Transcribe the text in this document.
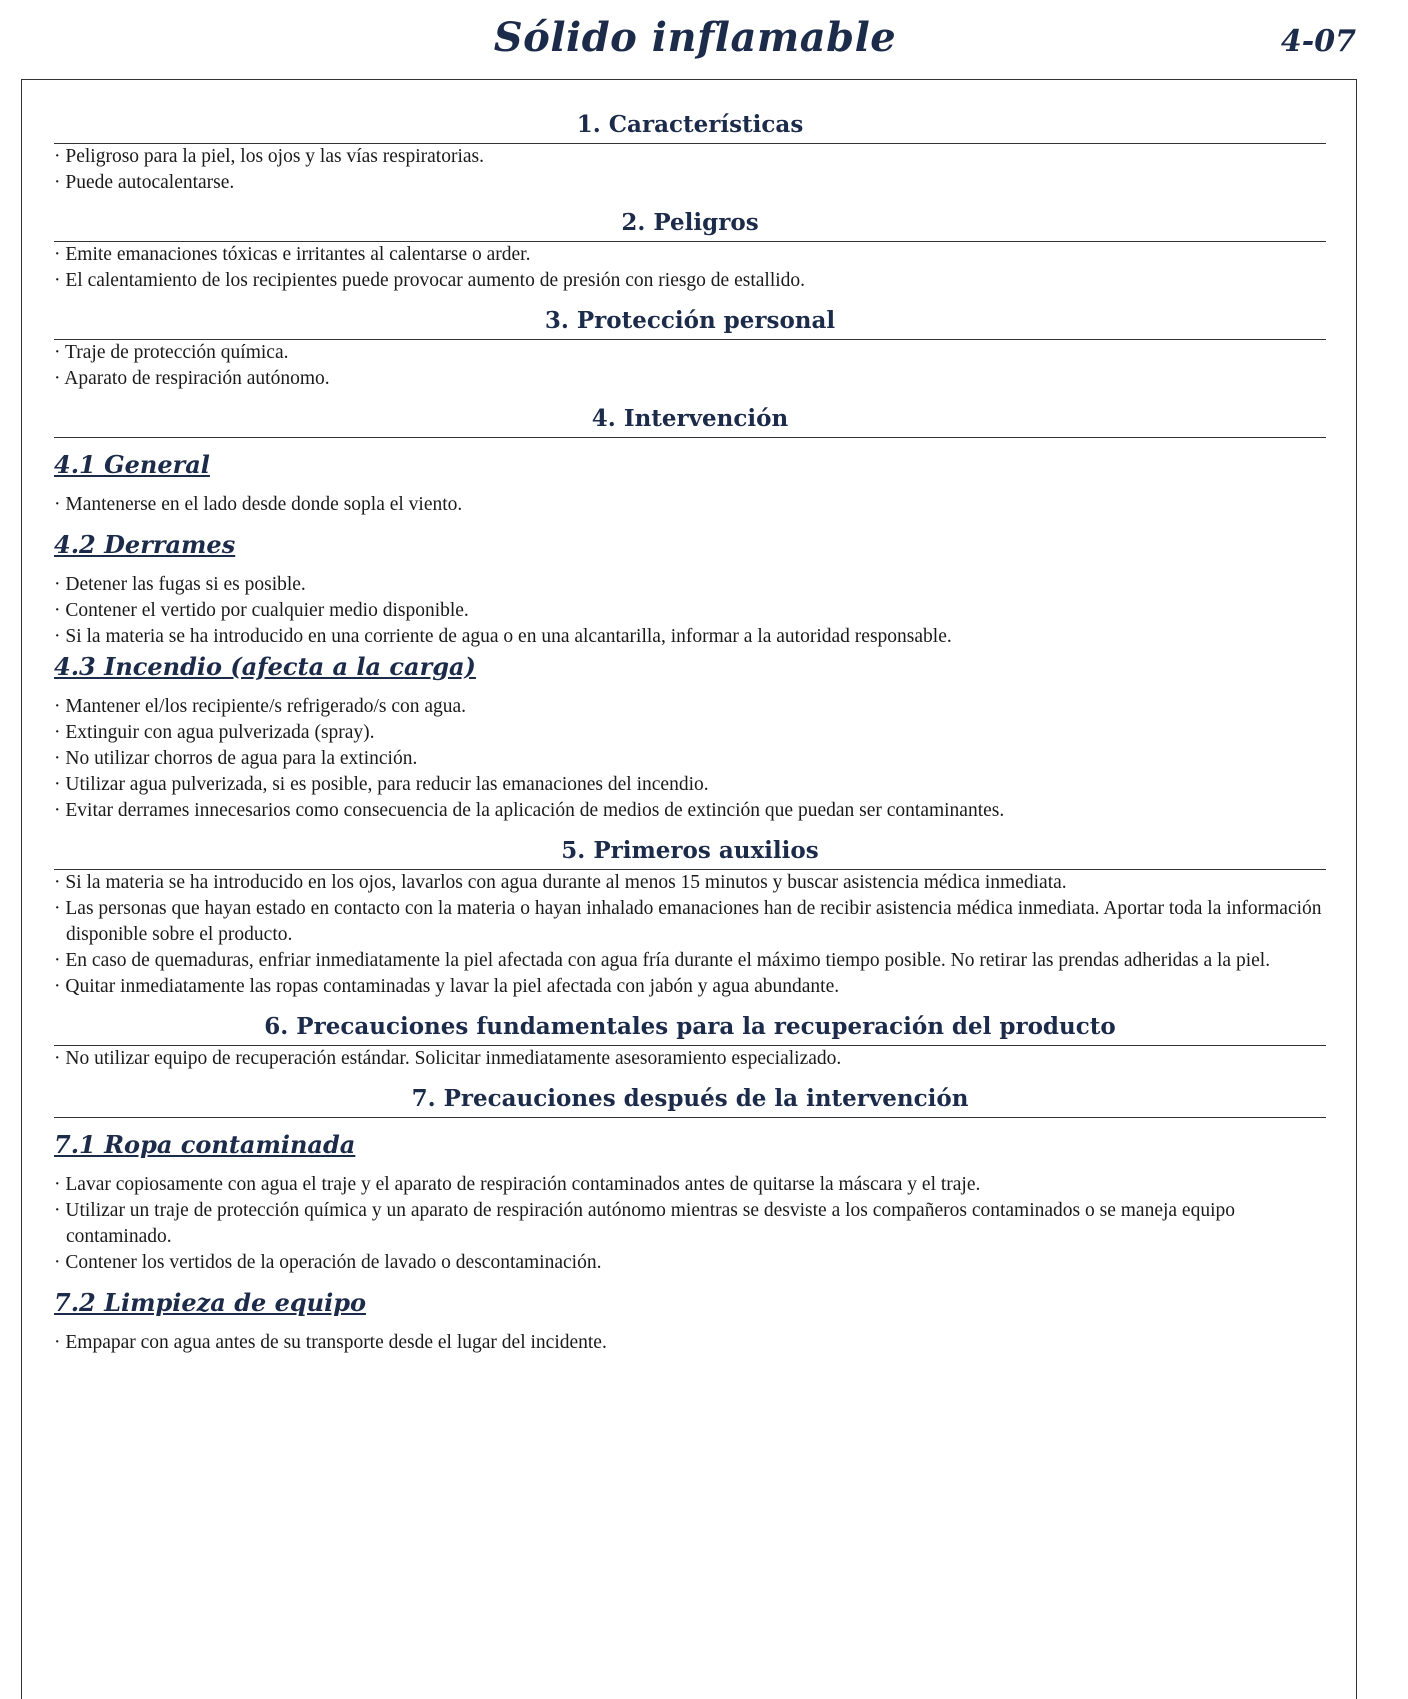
Sólido inflamable	4-07
1. Características
· Peligroso para la piel, los ojos y las vías respiratorias.
· Puede autocalentarse.
2. Peligros
· Emite emanaciones tóxicas e irritantes al calentarse o arder.
· El calentamiento de los recipientes puede provocar aumento de presión con riesgo de estallido.
3. Protección personal
· Traje de protección química.
· Aparato de respiración autónomo.
4. Intervención
4.1 General
· Mantenerse en el lado desde donde sopla el viento.
4.2 Derrames
· Detener las fugas si es posible.
· Contener el vertido por cualquier medio disponible.
· Si la materia se ha introducido en una corriente de agua o en una alcantarilla, informar a la autoridad responsable.
4.3 Incendio (afecta a la carga)
· Mantener el/los recipiente/s refrigerado/s con agua.
· Extinguir con agua pulverizada (spray).
· No utilizar chorros de agua para la extinción.
· Utilizar agua pulverizada, si es posible, para reducir las emanaciones del incendio.
· Evitar derrames innecesarios como consecuencia de la aplicación de medios de extinción que puedan ser contaminantes.
5. Primeros auxilios
· Si la materia se ha introducido en los ojos, lavarlos con agua durante al menos 15 minutos y buscar asistencia médica inmediata.
· Las personas que hayan estado en contacto con la materia o hayan inhalado emanaciones han de recibir asistencia médica inmediata. Aportar toda la información disponible sobre el producto.
· En caso de quemaduras, enfriar inmediatamente la piel afectada con agua fría durante el máximo tiempo posible. No retirar las prendas adheridas a la piel.
· Quitar inmediatamente las ropas contaminadas y lavar la piel afectada con jabón y agua abundante.
6. Precauciones fundamentales para la recuperación del producto
· No utilizar equipo de recuperación estándar. Solicitar inmediatamente asesoramiento especializado.
7. Precauciones después de la intervención
7.1 Ropa contaminada
· Lavar copiosamente con agua el traje y el aparato de respiración contaminados antes de quitarse la máscara y el traje.
· Utilizar un traje de protección química y un aparato de respiración autónomo mientras se desviste a los compañeros contaminados o se maneja equipo contaminado.
· Contener los vertidos de la operación de lavado o descontaminación.
7.2 Limpieza de equipo
· Empapar con agua antes de su transporte desde el lugar del incidente.
